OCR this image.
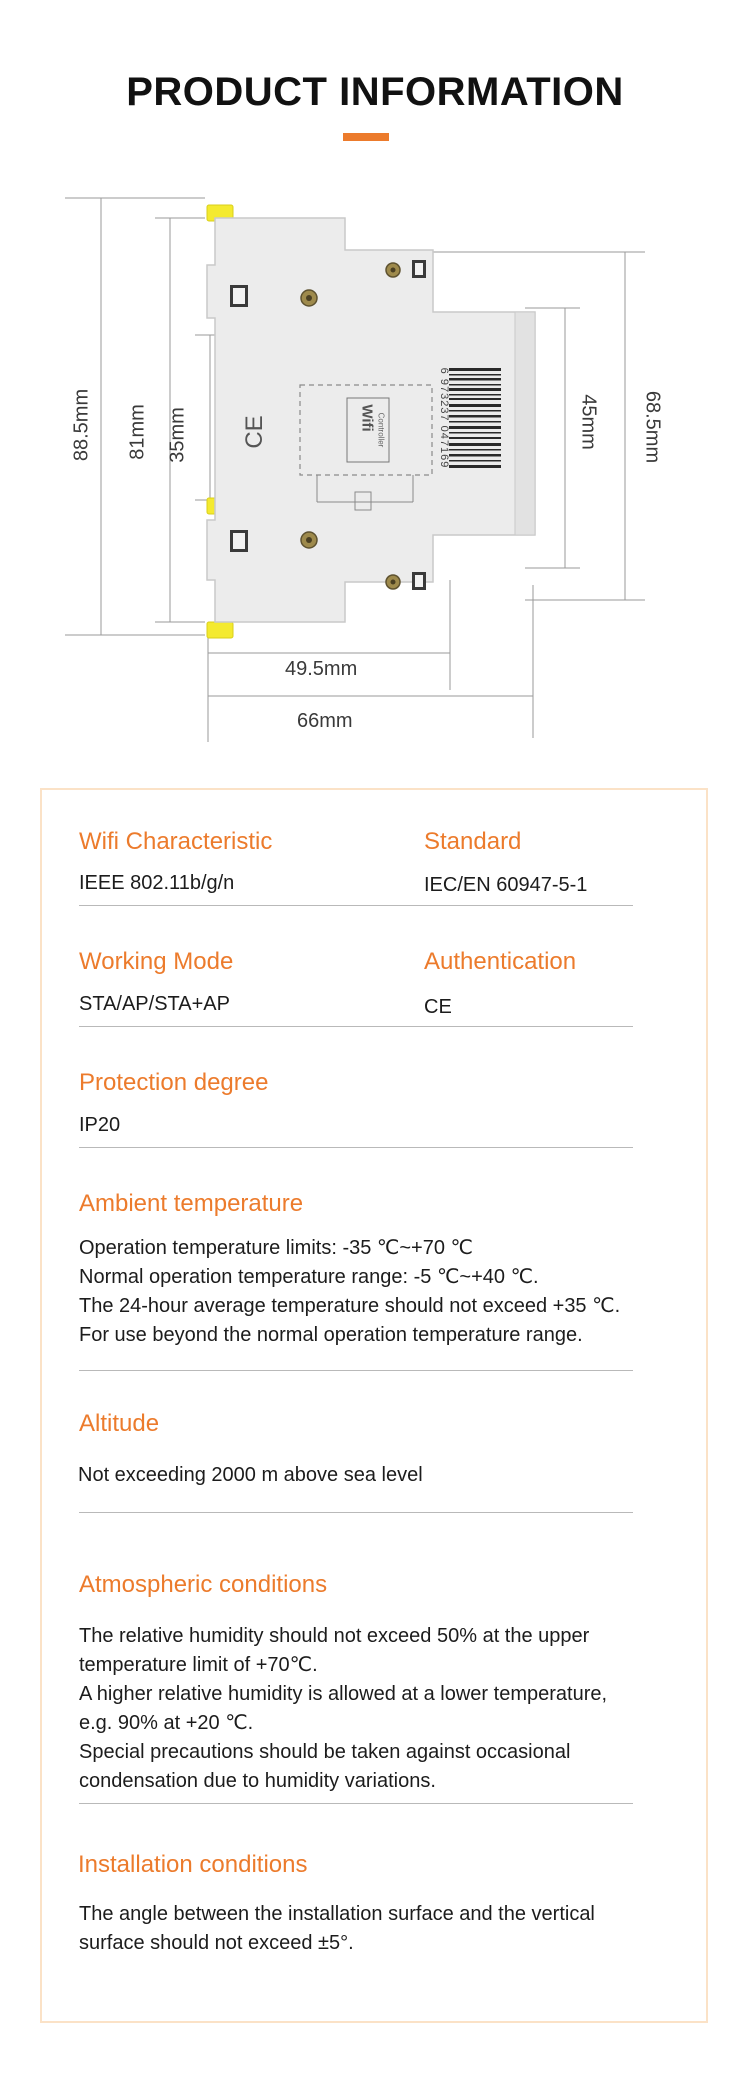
PRODUCT INFORMATION
CE	Wifi Controller	6 973237 047169
88.5mm 81mm 35mm	45mm 68.5mm
49.5mm
66mm
Wifi Characteristic
IEEE 802.11b/g/n
Standard
IEC/EN 60947-5-1
Working Mode
STA/AP/STA+AP
Authentication
CE
Protection degree
IP20
Ambient temperature
Operation temperature limits: -35 ℃~+70 ℃
Normal operation temperature range: -5 ℃~+40 ℃.
The 24-hour average temperature should not exceed +35 ℃.
For use beyond the normal operation temperature range.
Altitude
Not exceeding 2000 m above sea level
Atmospheric conditions
The relative humidity should not exceed 50% at the upper
temperature limit of +70℃.
A higher relative humidity is allowed at a lower temperature,
e.g. 90% at +20 ℃.
Special precautions should be taken against occasional
condensation due to humidity variations.
Installation conditions
The angle between the installation surface and the vertical
surface should not exceed ±5°.
